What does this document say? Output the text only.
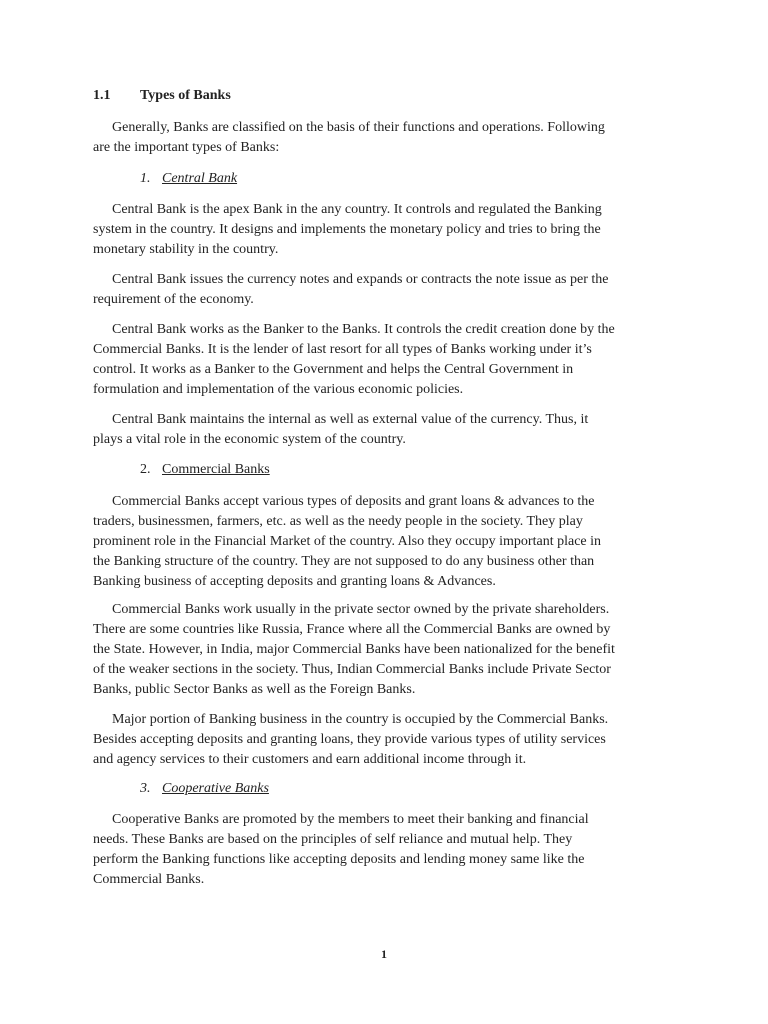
1.1 Types of Banks

Generally, Banks are classified on the basis of their functions and operations. Following
are the important types of Banks:

1. Central Bank

Central Bank is the apex Bank in the any country. It controls and regulated the Banking
system in the country. It designs and implements the monetary policy and tries to bring the
monetary stability in the country.

Central Bank issues the currency notes and expands or contracts the note issue as per the
requirement of the economy.

Central Bank works as the Banker to the Banks. It controls the credit creation done by the
Commercial Banks. It is the lender of last resort for all types of Banks working under it’s
control. It works as a Banker to the Government and helps the Central Government in
formulation and implementation of the various economic policies.

Central Bank maintains the internal as well as external value of the currency. Thus, it
plays a vital role in the economic system of the country.

2. Commercial Banks

Commercial Banks accept various types of deposits and grant loans & advances to the
traders, businessmen, farmers, etc. as well as the needy people in the society. They play
prominent role in the Financial Market of the country. Also they occupy important place in
the Banking structure of the country. They are not supposed to do any business other than
Banking business of accepting deposits and granting loans & Advances.

Commercial Banks work usually in the private sector owned by the private shareholders.
There are some countries like Russia, France where all the Commercial Banks are owned by
the State. However, in India, major Commercial Banks have been nationalized for the benefit
of the weaker sections in the society. Thus, Indian Commercial Banks include Private Sector
Banks, public Sector Banks as well as the Foreign Banks.

Major portion of Banking business in the country is occupied by the Commercial Banks.
Besides accepting deposits and granting loans, they provide various types of utility services
and agency services to their customers and earn additional income through it.

3. Cooperative Banks

Cooperative Banks are promoted by the members to meet their banking and financial
needs. These Banks are based on the principles of self reliance and mutual help. They
perform the Banking functions like accepting deposits and lending money same like the
Commercial Banks.

1
